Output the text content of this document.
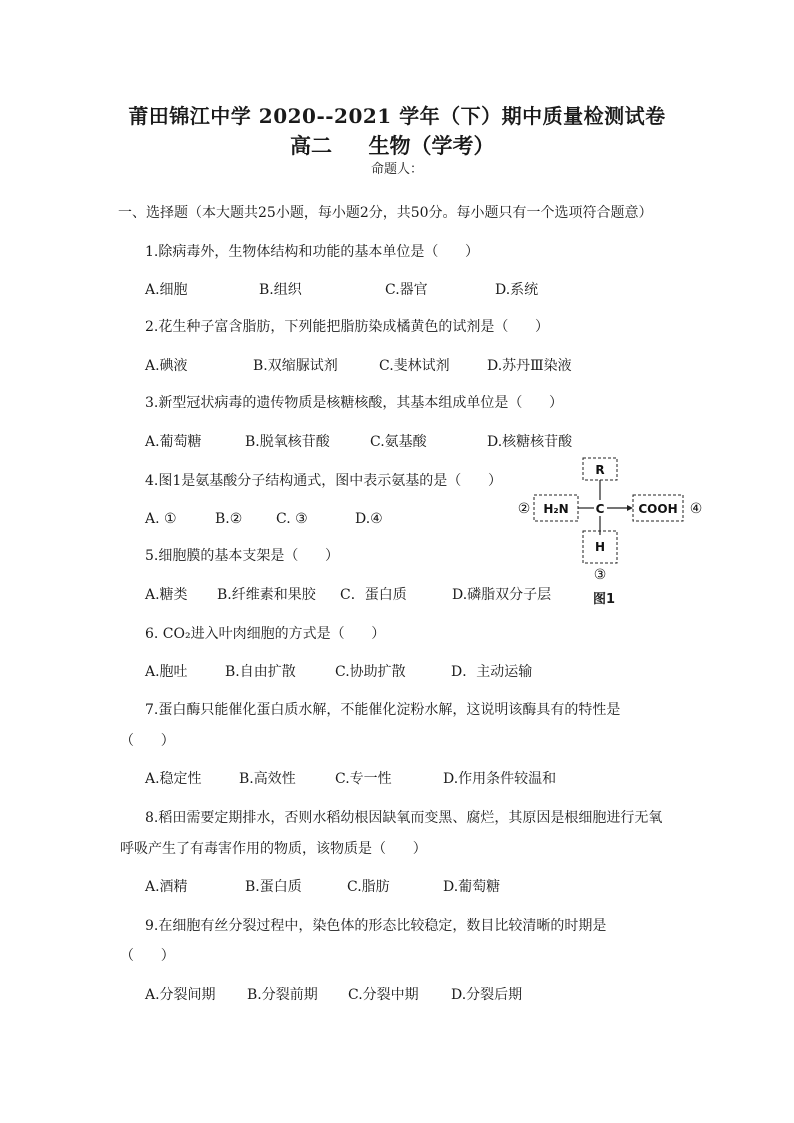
莆田锦江中学 2020--2021 学年（下）期中质量检测试卷
高二     生物（学考）
命题人：
一、选择题（本大题共25小题，每小题2分，共50分。每小题只有一个选项符合题意）
1.除病毒外，生物体结构和功能的基本单位是（      ）

A.细胞

	B.组织

	C.器官

	D.系统

2.花生种子富含脂肪，下列能把脂肪染成橘黄色的试剂是（      ）

A.碘液

	B.双缩脲试剂

	C.斐林试剂

	D.苏丹Ⅲ染液

3.新型冠状病毒的遗传物质是核糖核酸，其基本组成单位是（      ）

A.葡萄糖

	B.脱氧核苷酸

	C.氨基酸

	D.核糖核苷酸

4.图1是氨基酸分子结构通式，图中表示氨基的是（      ）

A. ①

	B.②

C. ③

	D.④

5.细胞膜的基本支架是（      ）

A.糖类

B.纤维素和果胶

C．蛋白质

	D.磷脂双分子层

6. CO₂进入叶肉细胞的方式是（      ）

A.胞吐

	B.自由扩散

	C.协助扩散

	D．主动运输

7.蛋白酶只能催化蛋白质水解，不能催化淀粉水解，这说明该酶具有的特性是
（      ）

A.稳定性

	B.高效性

	C.专一性

	D.作用条件较温和

8.稻田需要定期排水，否则水稻幼根因缺氧而变黑、腐烂，其原因是根细胞进行无氧
呼吸产生了有毒害作用的物质，该物质是（      ）

A.酒精

	B.蛋白质

	C.脂肪

	D.葡萄糖

9.在细胞有丝分裂过程中，染色体的形态比较稳定，数目比较清晰的时期是
（      ）

A.分裂间期

B.分裂前期

C.分裂中期

D.分裂后期

R
H₂N C	COOH
H
②	④
③
图1
